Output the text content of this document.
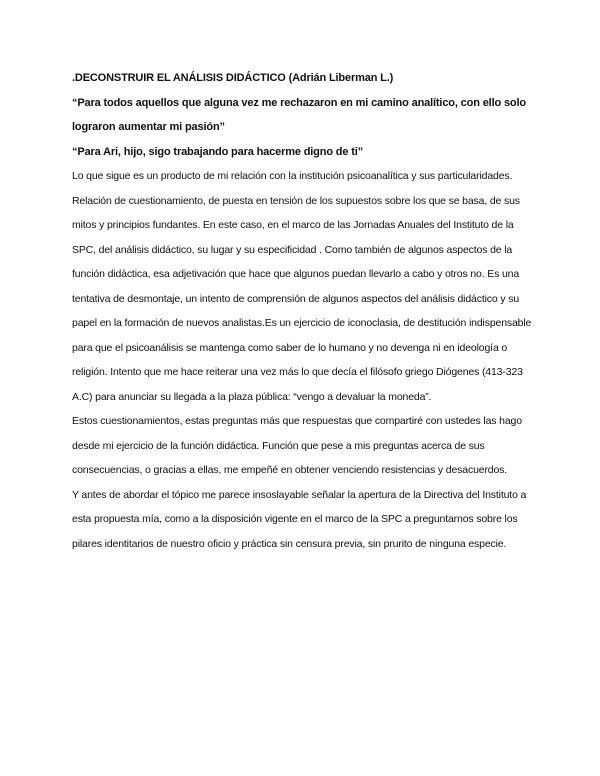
.DECONSTRUIR EL ANÁLISIS DIDÁCTICO (Adrián Liberman L.)

“Para todos aquellos que alguna vez me rechazaron en mi camino analítico, con ello solo lograron aumentar mi pasión”

“Para Ari, hijo, sigo trabajando para hacerme digno de ti”

Lo que sigue es un producto de mi relación con la institución psicoanalítica y sus particularidades. Relación de cuestionamiento, de puesta en tensión de los supuestos sobre los que se basa, de sus mitos y principios fundantes. En este caso, en el marco de las Jornadas Anuales del Instituto de la SPC, del análisis didáctico, su lugar y su especificidad . Como también de algunos aspectos de la función didáctica, esa adjetivación que hace que algunos puedan llevarlo a cabo y otros no. Es una tentativa de desmontaje, un intento de comprensión de algunos aspectos del análisis didáctico y su papel en la formación de nuevos analistas.Es un ejercicio de iconoclasia, de destitución indispensable para que el psicoanálisis se mantenga como saber de lo humano y no devenga ni en ideología o religión. Intento que me hace reiterar una vez más lo que decía el filósofo griego Diógenes (413-323 A.C) para anunciar su llegada a la plaza pública: “vengo a devaluar la moneda”.

Estos cuestionamientos, estas preguntas más que respuestas que compartiré con ustedes las hago desde mi ejercicio de la función didáctica. Función que pese a mis preguntas acerca de sus consecuencias, o gracias a ellas, me empeñé en obtener venciendo resistencias y desacuerdos.

Y antes de abordar el tópico me parece insoslayable señalar la apertura de la Directiva del Instituto a esta propuesta mía, como a la disposición vigente en el marco de la SPC a preguntarnos sobre los pilares identitarios de nuestro oficio y práctica sin censura previa, sin prurito de ninguna especie.
